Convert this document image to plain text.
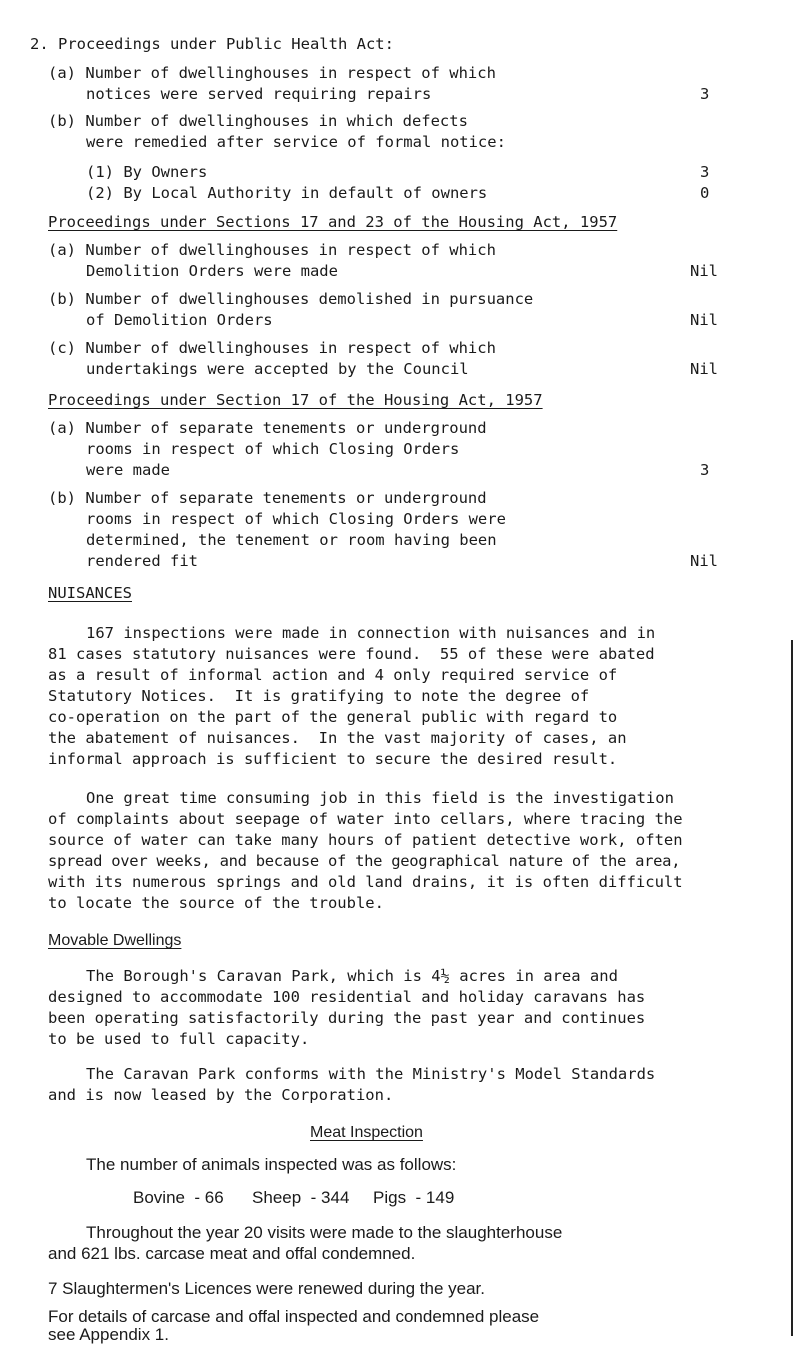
2. Proceedings under Public Health Act:
(a) Number of dwellinghouses in respect of which
notices were served requiring repairs	3
(b) Number of dwellinghouses in which defects
were remedied after service of formal notice:
(1) By Owners	3
(2) By Local Authority in default of owners	0
Proceedings under Sections 17 and 23 of the Housing Act, 1957
(a) Number of dwellinghouses in respect of which
Demolition Orders were made	Nil
(b) Number of dwellinghouses demolished in pursuance
of Demolition Orders	Nil
(c) Number of dwellinghouses in respect of which
undertakings were accepted by the Council	Nil
Proceedings under Section 17 of the Housing Act, 1957
(a) Number of separate tenements or underground
rooms in respect of which Closing Orders
were made	3
(b) Number of separate tenements or underground
rooms in respect of which Closing Orders were
determined, the tenement or room having been
rendered fit	Nil
NUISANCES
167 inspections were made in connection with nuisances and in
81 cases statutory nuisances were found.  55 of these were abated
as a result of informal action and 4 only required service of
Statutory Notices.  It is gratifying to note the degree of
co-operation on the part of the general public with regard to
the abatement of nuisances.  In the vast majority of cases, an
informal approach is sufficient to secure the desired result.
One great time consuming job in this field is the investigation
of complaints about seepage of water into cellars, where tracing the
source of water can take many hours of patient detective work, often
spread over weeks, and because of the geographical nature of the area,
with its numerous springs and old land drains, it is often difficult
to locate the source of the trouble.
Movable Dwellings
The Borough's Caravan Park, which is 4½ acres in area and
designed to accommodate 100 residential and holiday caravans has
been operating satisfactorily during the past year and continues
to be used to full capacity.
The Caravan Park conforms with the Ministry's Model Standards
and is now leased by the Corporation.
Meat Inspection
The number of animals inspected was as follows:
Bovine  - 66      Sheep  - 344     Pigs  - 149
Throughout the year 20 visits were made to the slaughterhouse
and 621 lbs. carcase meat and offal condemned.
7 Slaughtermen's Licences were renewed during the year.
For details of carcase and offal inspected and condemned please
see Appendix 1.
